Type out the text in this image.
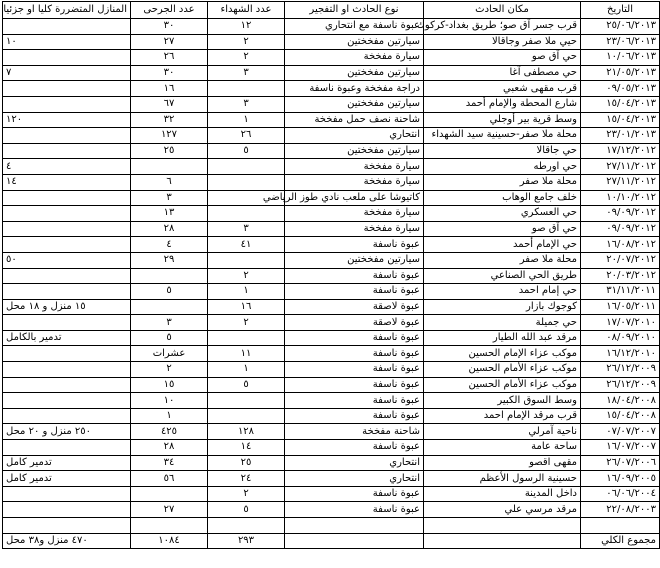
المنازل المتضررة كليا او جزئيا	عدد الجرحى	عدد الشهداء	نوع الحادث او التفجير	مكان الحادث	التاريخ
	٣٠	١٢	عبوة ناسفة مع انتحاري	قرب جسر آق صو؛ طريق بغداد-كركوك	٢٥/٠٦/٢٠١٣
١٠	٢٧	٢	سيارتين مفخختين	حيي ملا صفر وجاقالا	٢٣/٠٦/٢٠١٣
	٢٦	٢	سيارة مفخخة	حي آق صو	١٠/٠٦/٢٠١٣
٧	٣٠	٣	سيارتين مفخختين	حي مصطفى آغا	٢١/٠٥/٢٠١٣
	١٦		دراجة مفخخة وعبوة ناسفة	قرب مقهى شعبي	٠٩/٠٥/٢٠١٣
	٦٧	٣	سيارتين مفخختين	شارع المحطة والإمام أحمد	١٥/٠٤/٢٠١٣
١٢٠	٣٢	١	شاحنة نصف حمل مفخخة	وسط قرية بير أوجلي	١٥/٠٤/٢٠١٣
	١٢٧	٢٦	انتحاري	محلة ملا صفر-حسينية سيد الشهداء	٢٣/٠١/٢٠١٣
	٢٥	٥	سيارتين مفخختين	حي جاقالا	١٧/١٢/٢٠١٢
٤			سيارة مفخخة	حي اورطه	٢٧/١١/٢٠١٢
١٤	٦		سيارة مفخخة	محلة ملا صفر	٢٧/١١/٢٠١٢
	٣		كاتيوشا على ملعب نادي طوز الرياضي	خلف جامع الوهاب	١٠/١٠/٢٠١٢
	١٣		سيارة مفخخة	حي العسكري	٠٩/٠٩/٢٠١٢
	٢٨	٣	سيارة مفخخة	حي آق صو	٠٩/٠٩/٢٠١٢
	٤	٤١	عبوة ناسفة	حي الإمام أحمد	١٦/٠٨/٢٠١٢
٥٠	٢٩		سيارتين مفخختين	محلة ملا صفر	٢٠/٠٧/٢٠١٢
		٢	عبوة ناسفة	طريق الحي الصناعي	٢٠/٠٣/٢٠١٢
	٥	١	عبوة ناسفة	حي إمام احمد	٣١/١١/٢٠١١
١٥ منزل و ١٨ محل		١٦	عبوة لاصقة	كوجوك بازار	١٦/٠٥/٢٠١١
	٣	٢	عبوة لاصقة	حي جميلة	١٧/٠٧/٢٠١٠
تدمير بالكامل	٥		عبوة ناسفة	مرقد عبد الله الطيار	٠٨/٠٩/٢٠١٠
	عشرات	١١	عبوة ناسفة	موكب عزاء الإمام الحسين	١٦/١٢/٢٠١٠
	٢	١	عبوة ناسفة	موكب عزاء الأمام الحسين	٢٦/١٢/٢٠٠٩
	١٥	٥	عبوة ناسفة	موكب عزاء الأمام الحسين	٢٦/١٢/٢٠٠٩
	١٠		عبوة ناسفة	وسط السوق الكبير	١٨/٠٤/٢٠٠٨
	١		عبوة ناسفة	قرب مرقد الإمام احمد	١٥/٠٤/٢٠٠٨
٢٥٠ منزل و ٢٠ محل	٤٢٥	١٢٨	شاحنة مفخخة	ناحية آمرلي	٠٧/٠٧/٢٠٠٧
	٢٨	١٤	عبوة ناسفة	ساحة عامة	١٦/٠٧/٢٠٠٧
تدمير كامل	٣٤	٢٥	انتحاري	مقهى اقصو	٢٦/٠٧/٢٠٠٦
تدمير كامل	٥٦	٢٤	انتحاري	حسينية الرسول الأعظم	١٦/٠٩/٢٠٠٥
		٢	عبوة ناسفة	داخل المدينة	٠٦/٠٦/٢٠٠٤
	٢٧	٥	عبوة ناسفة	مرقد مرسي علي	٢٢/٠٨/٢٠٠٣

٤٧٠ منزل و٣٨ محل	١٠٨٤	٢٩٣			مجموع الكلي
